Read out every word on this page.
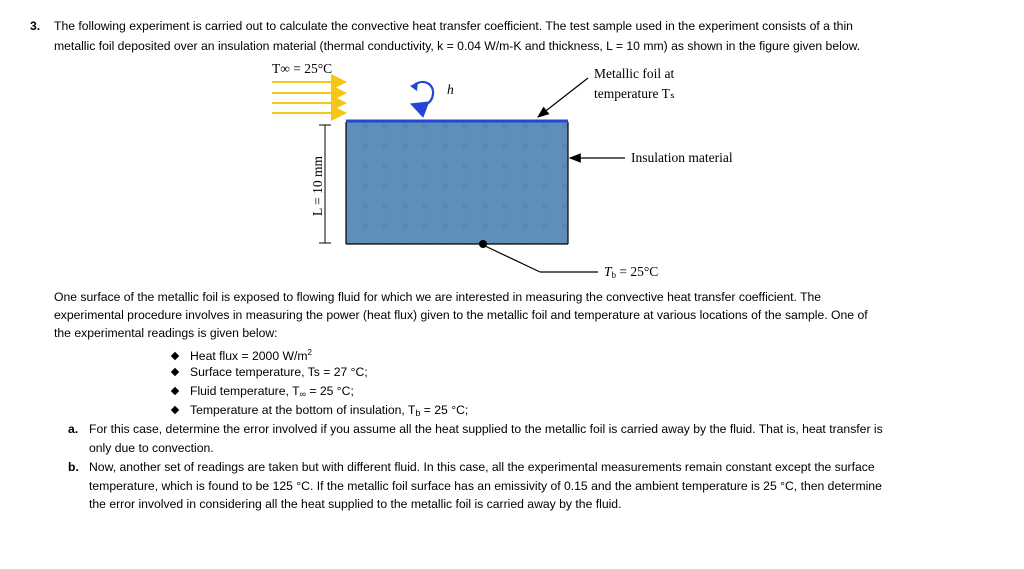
3. The following experiment is carried out to calculate the convective heat transfer coefficient. The test sample used in the experiment consists of a thin
metallic foil deposited over an insulation material (thermal conductivity, k = 0.04 W/m-K and thickness, L = 10 mm) as shown in the figure given below.
T∞ = 25°C
h
Metallic foil at
temperature Tₛ
Insulation material
L = 10 mm
$T_b = 25^\circ C$
One surface of the metallic foil is exposed to flowing fluid for which we are interested in measuring the convective heat transfer coefficient. The
experimental procedure involves in measuring the power (heat flux) given to the metallic foil and temperature at various locations of the sample. One of
the experimental readings is given below:
Heat flux = 2000 $W/m^2$
Surface temperature, Ts = 27 °C;
Fluid temperature, $T_\infty = 25$ °C;
Temperature at the bottom of insulation, $T_b = 25$ °C;
a. For this case, determine the error involved if you assume all the heat supplied to the metallic foil is carried away by the fluid. That is, heat transfer is
only due to convection.
b. Now, another set of readings are taken but with different fluid. In this case, all the experimental measurements remain constant except the surface
temperature, which is found to be 125 °C. If the metallic foil surface has an emissivity of 0.15 and the ambient temperature is 25 °C, then determine
the error involved in considering all the heat supplied to the metallic foil is carried away by the fluid.
